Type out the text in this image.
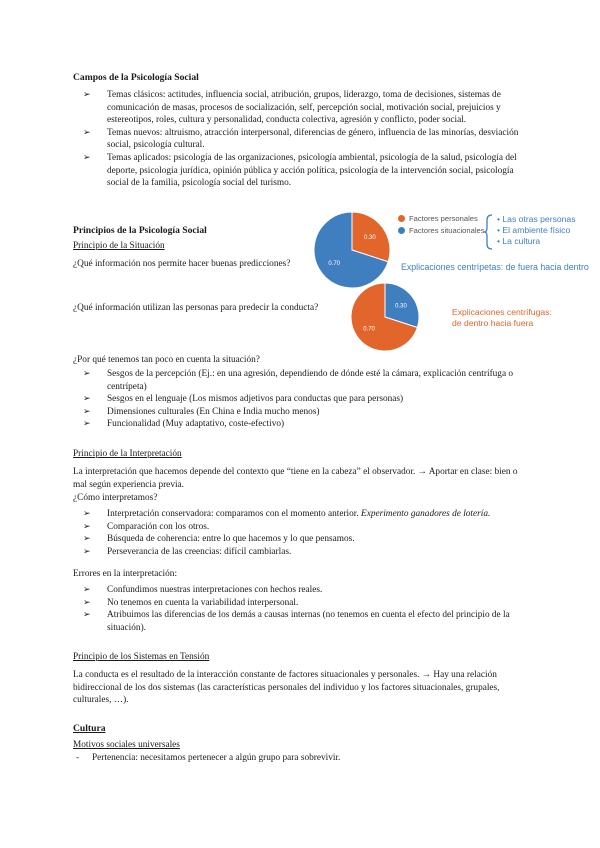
Campos de la Psicología Social
➢ Temas clásicos: actitudes, influencia social, atribución, grupos, liderazgo, toma de decisiones, sistemas de comunicación de masas, procesos de socialización, self, percepción social, motivación social, prejuicios y estereotipos, roles, cultura y personalidad, conducta colectiva, agresión y conflicto, poder social.
➢ Temas nuevos: altruismo, atracción interpersonal, diferencias de género, influencia de las minorías, desviación social, psicología cultural.
➢ Temas aplicados: psicología de las organizaciones, psicología ambiental, psicología de la salud, psicología del deporte, psicología jurídica, opinión pública y acción política, psicología de la intervención social, psicología social de la familia, psicología social del turismo.
Principios de la Psicología Social
Principio de la Situación
¿Qué información nos permite hacer buenas predicciones?
¿Qué información utilizan las personas para predecir la conducta?
0.30
0.70
Factores personales
Factores situacionales
• Las otras personas
• El ambiente físico
• La cultura
Explicaciones centrípetas: de fuera hacia dentro
0.30
0.70
Explicaciones centrífugas:
de dentro hacia fuera
¿Por qué tenemos tan poco en cuenta la situación?
➢ Sesgos de la percepción (Ej.: en una agresión, dependiendo de dónde esté la cámara, explicación centrífuga o centrípeta)
➢ Sesgos en el lenguaje (Los mismos adjetivos para conductas que para personas)
➢ Dimensiones culturales (En China e India mucho menos)
➢ Funcionalidad (Muy adaptativo, coste-efectivo)
Principio de la Interpretación
La interpretación que hacemos depende del contexto que “tiene en la cabeza” el observador. → Aportar en clase: bien o mal según experiencia previa.
¿Cómo interpretamos?
➢ Interpretación conservadora: comparamos con el momento anterior. Experimento ganadores de lotería.
➢ Comparación con los otros.
➢ Búsqueda de coherencia: entre lo que hacemos y lo que pensamos.
➢ Perseverancia de las creencias: difícil cambiarlas.
Errores en la interpretación:
➢ Confundimos nuestras interpretaciones con hechos reales.
➢ No tenemos en cuenta la variabilidad interpersonal.
➢ Atribuimos las diferencias de los demás a causas internas (no tenemos en cuenta el efecto del principio de la situación).
Principio de los Sistemas en Tensión
La conducta es el resultado de la interacción constante de factores situacionales y personales. → Hay una relación bidireccional de los dos sistemas (las características personales del individuo y los factores situacionales, grupales, culturales, …).
Cultura
Motivos sociales universales
- Pertenencia: necesitamos pertenecer a algún grupo para sobrevivir.
